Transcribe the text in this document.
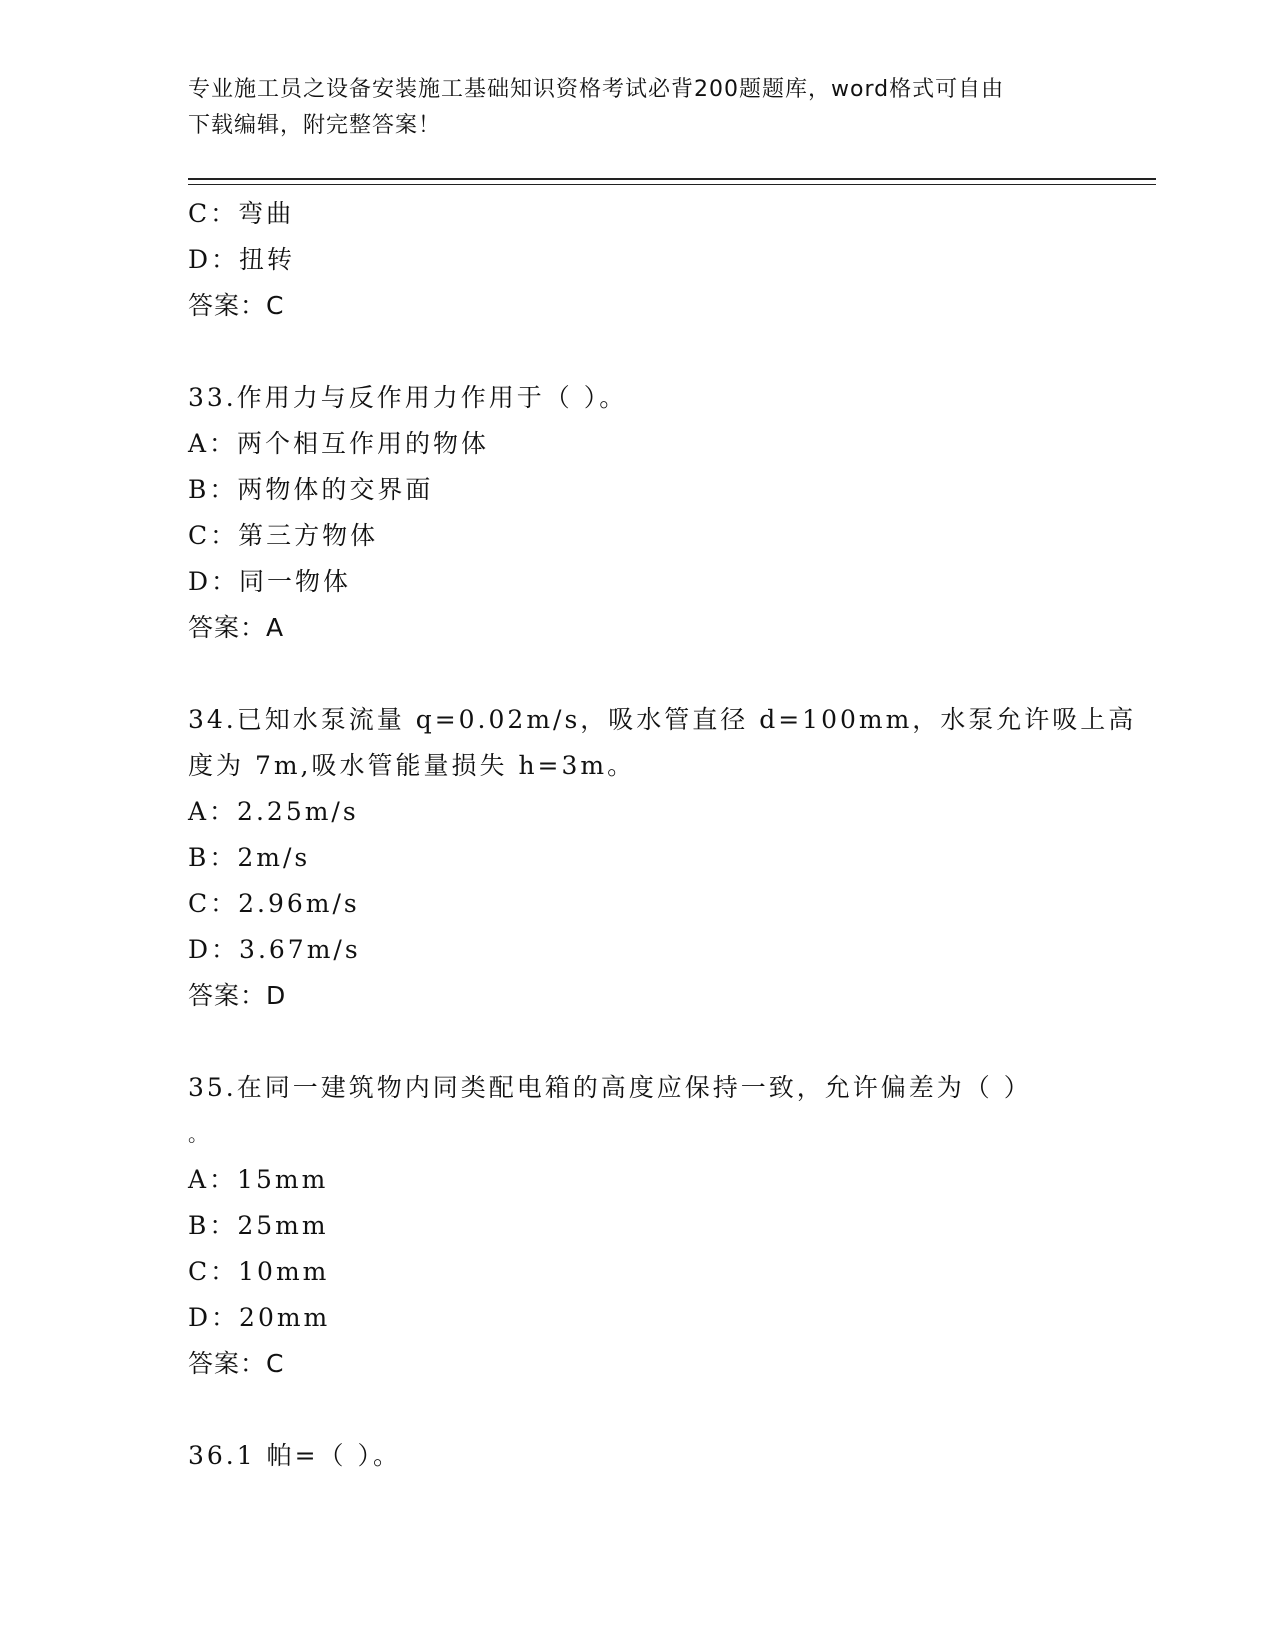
专业施工员之设备安装施工基础知识资格考试必背200题题库，word格式可自由
下载编辑，附完整答案！
C：弯曲
D：扭转
答案：C
33.作用力与反作用力作用于（ ）。
A：两个相互作用的物体
B：两物体的交界面
C：第三方物体
D：同一物体
答案：A
34.已知水泵流量 q=0.02m/s，吸水管直径 d=100mm，水泵允许吸上高
度为 7m,吸水管能量损失 h=3m。
A：2.25m/s
B：2m/s
C：2.96m/s
D：3.67m/s
答案：D
35.在同一建筑物内同类配电箱的高度应保持一致，允许偏差为（ ）
。
A：15mm
B：25mm
C：10mm
D：20mm
答案：C
36.1 帕=（ ）。
